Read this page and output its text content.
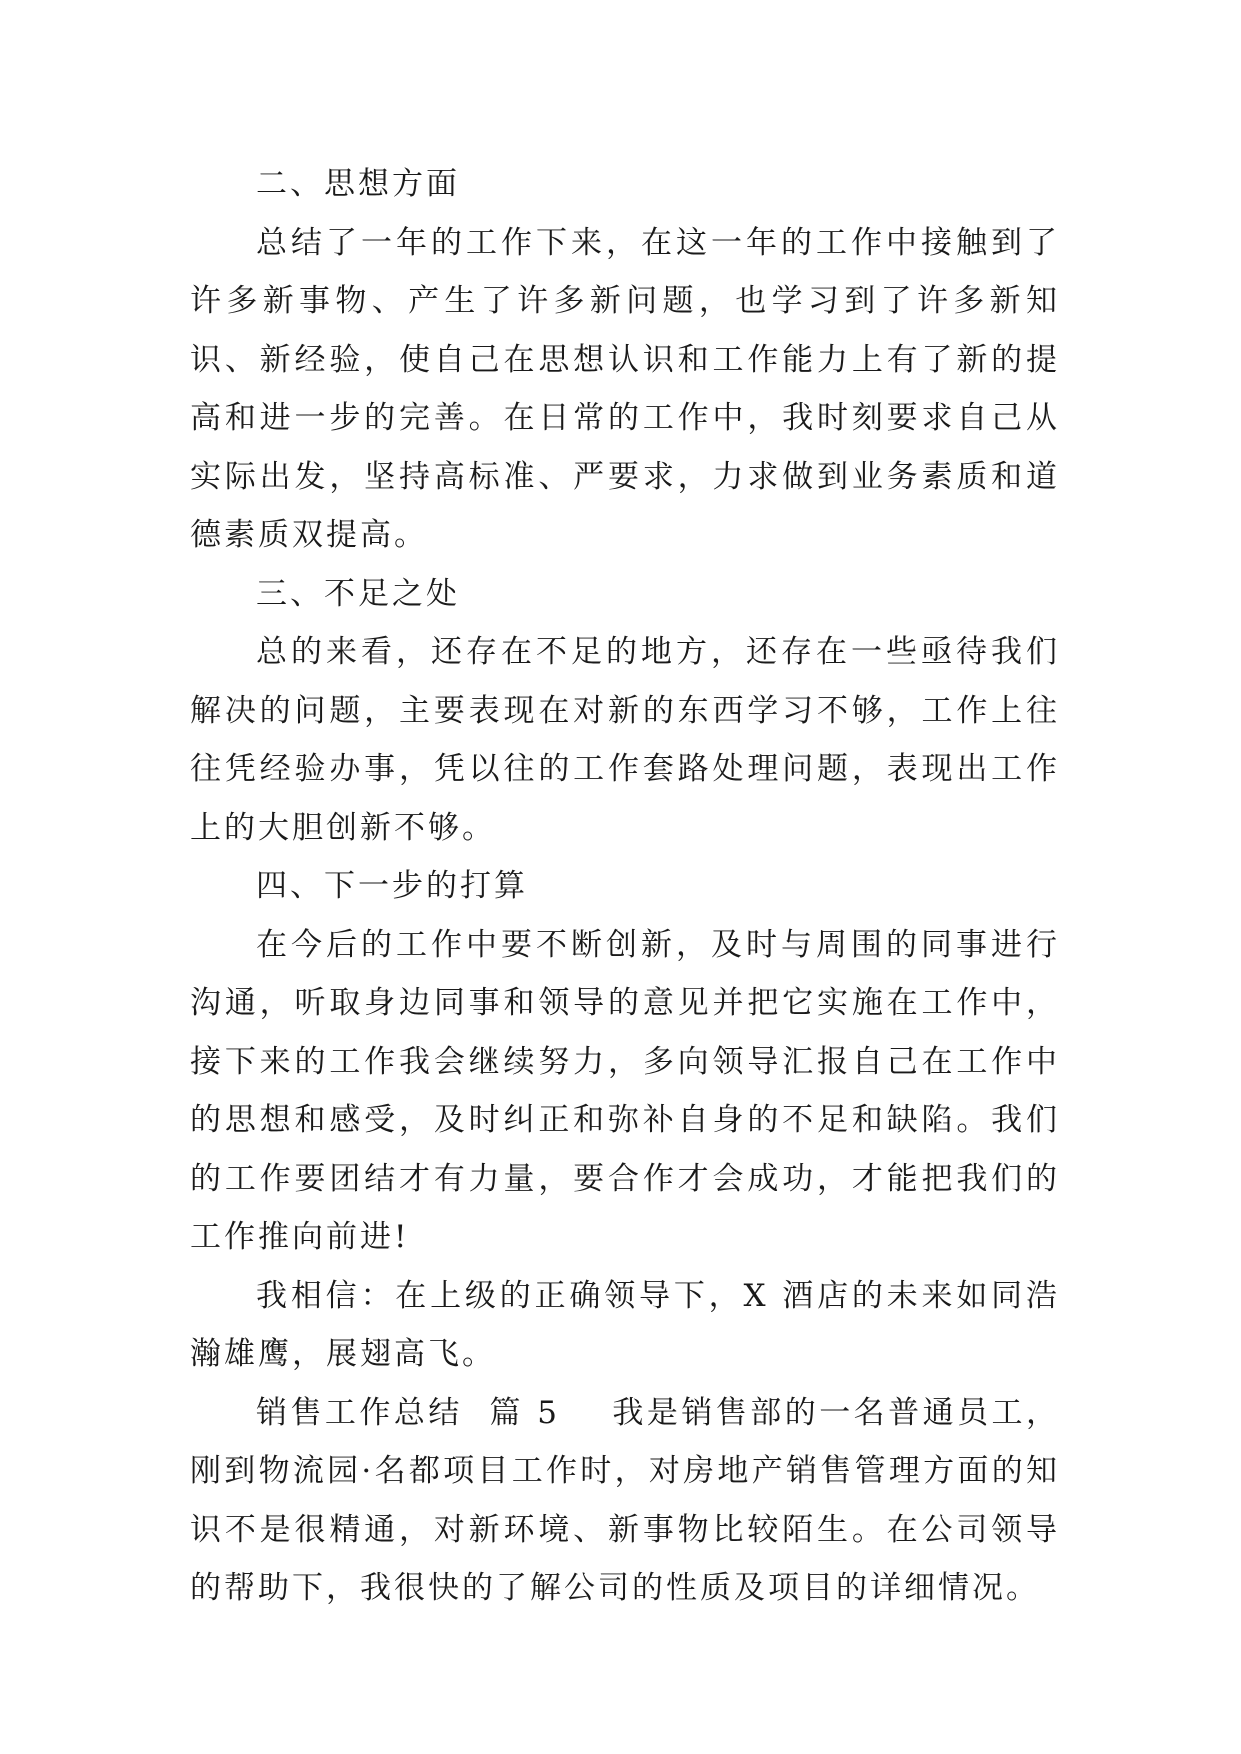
二、思想方面

总结了一年的工作下来，在这一年的工作中接触到了许多新事物、产生了许多新问题，也学习到了许多新知识、新经验，使自己在思想认识和工作能力上有了新的提高和进一步的完善。在日常的工作中，我时刻要求自己从实际出发，坚持高标准、严要求，力求做到业务素质和道德素质双提高。

三、不足之处

总的来看，还存在不足的地方，还存在一些亟待我们解决的问题，主要表现在对新的东西学习不够，工作上往往凭经验办事，凭以往的工作套路处理问题，表现出工作上的大胆创新不够。

四、下一步的打算

在今后的工作中要不断创新，及时与周围的同事进行沟通，听取身边同事和领导的意见并把它实施在工作中，接下来的工作我会继续努力，多向领导汇报自己在工作中的思想和感受，及时纠正和弥补自身的不足和缺陷。我们的工作要团结才有力量，要合作才会成功，才能把我们的工作推向前进!

我相信：在上级的正确领导下，X 酒店的未来如同浩瀚雄鹰，展翅高飞。

销售工作总结 篇 5 我是销售部的一名普通员工，刚到物流园·名都项目工作时，对房地产销售管理方面的知识不是很精通，对新环境、新事物比较陌生。在公司领导的帮助下，我很快的了解公司的性质及项目的详细情况。
